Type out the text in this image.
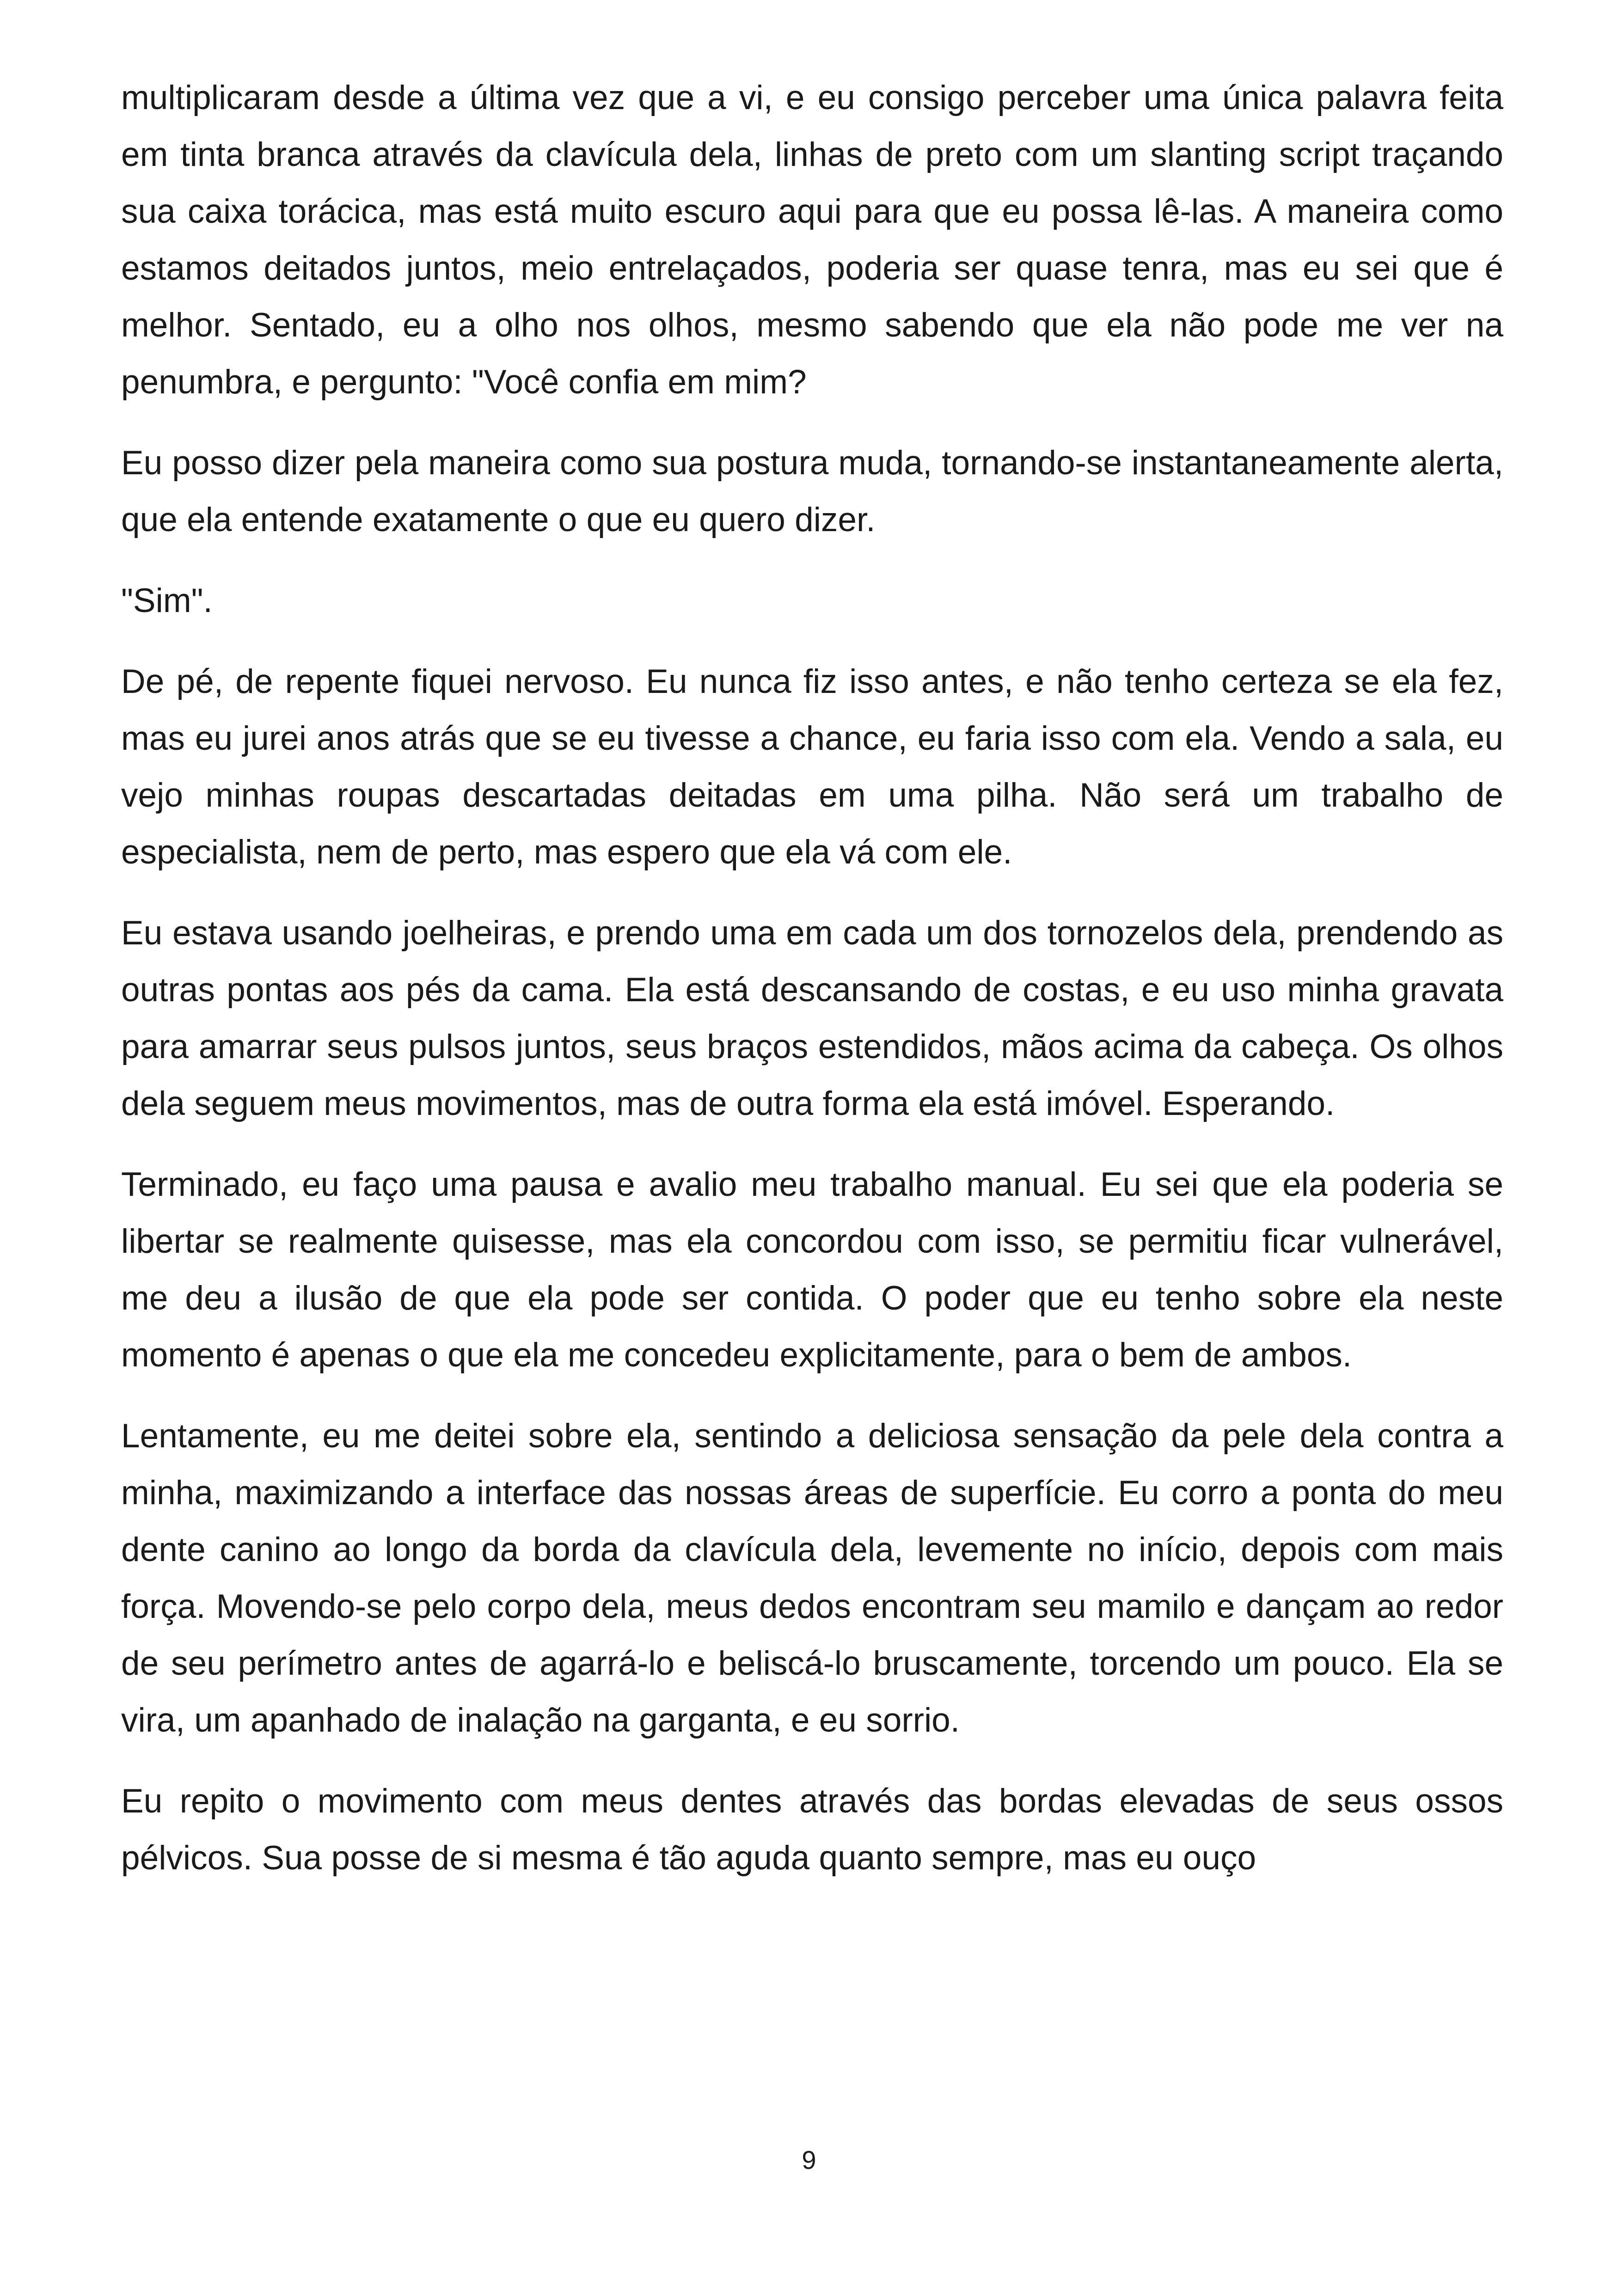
multiplicaram desde a última vez que a vi, e eu consigo perceber uma única palavra feita em tinta branca através da clavícula dela, linhas de preto com um slanting script traçando sua caixa torácica, mas está muito escuro aqui para que eu possa lê-las. A maneira como estamos deitados juntos, meio entrelaçados, poderia ser quase tenra, mas eu sei que é melhor. Sentado, eu a olho nos olhos, mesmo sabendo que ela não pode me ver na penumbra, e pergunto: "Você confia em mim?

Eu posso dizer pela maneira como sua postura muda, tornando-se instantaneamente alerta, que ela entende exatamente o que eu quero dizer.

"Sim".

De pé, de repente fiquei nervoso. Eu nunca fiz isso antes, e não tenho certeza se ela fez, mas eu jurei anos atrás que se eu tivesse a chance, eu faria isso com ela. Vendo a sala, eu vejo minhas roupas descartadas deitadas em uma pilha. Não será um trabalho de especialista, nem de perto, mas espero que ela vá com ele.

Eu estava usando joelheiras, e prendo uma em cada um dos tornozelos dela, prendendo as outras pontas aos pés da cama. Ela está descansando de costas, e eu uso minha gravata para amarrar seus pulsos juntos, seus braços estendidos, mãos acima da cabeça. Os olhos dela seguem meus movimentos, mas de outra forma ela está imóvel. Esperando.

Terminado, eu faço uma pausa e avalio meu trabalho manual. Eu sei que ela poderia se libertar se realmente quisesse, mas ela concordou com isso, se permitiu ficar vulnerável, me deu a ilusão de que ela pode ser contida. O poder que eu tenho sobre ela neste momento é apenas o que ela me concedeu explicitamente, para o bem de ambos.

Lentamente, eu me deitei sobre ela, sentindo a deliciosa sensação da pele dela contra a minha, maximizando a interface das nossas áreas de superfície. Eu corro a ponta do meu dente canino ao longo da borda da clavícula dela, levemente no início, depois com mais força. Movendo-se pelo corpo dela, meus dedos encontram seu mamilo e dançam ao redor de seu perímetro antes de agarrá-lo e beliscá-lo bruscamente, torcendo um pouco. Ela se vira, um apanhado de inalação na garganta, e eu sorrio.

Eu repito o movimento com meus dentes através das bordas elevadas de seus ossos pélvicos. Sua posse de si mesma é tão aguda quanto sempre, mas eu ouço

9
